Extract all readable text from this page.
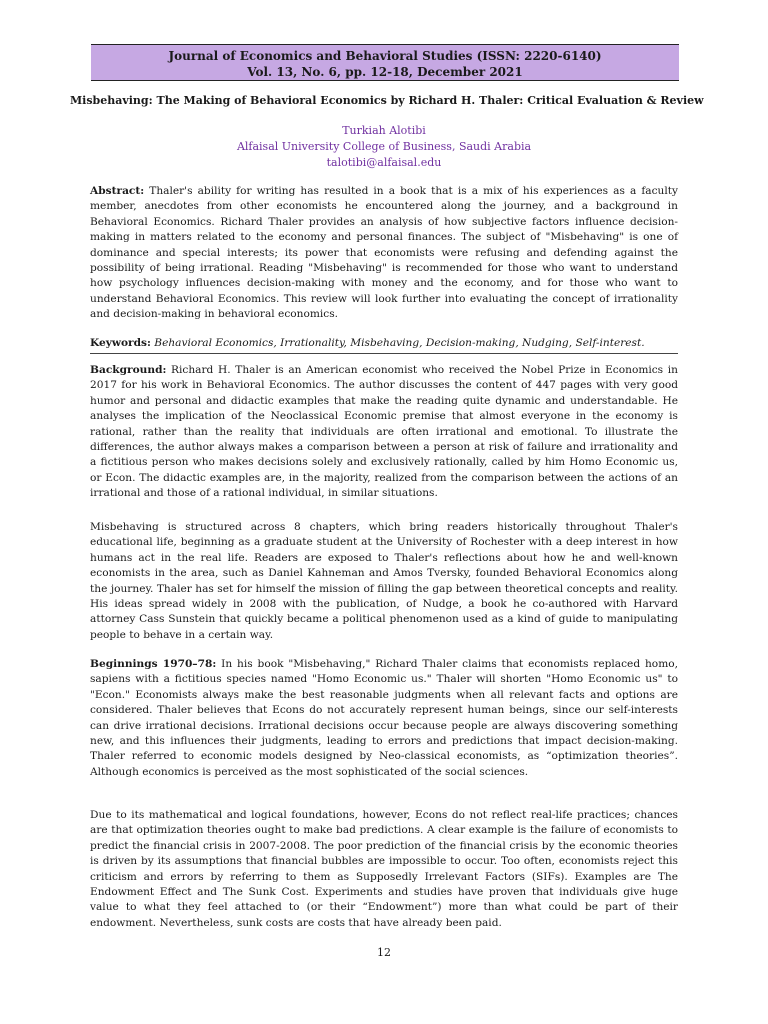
Journal of Economics and Behavioral Studies (ISSN: 2220-6140)
Vol. 13, No. 6, pp. 12-18, December 2021
Misbehaving: The Making of Behavioral Economics by Richard H. Thaler: Critical Evaluation & Review
Turkiah Alotibi
Alfaisal University College of Business, Saudi Arabia
talotibi@alfaisal.edu
Abstract: Thaler's ability for writing has resulted in a book that is a mix of his experiences as a faculty member, anecdotes from other economists he encountered along the journey, and a background in Behavioral Economics. Richard Thaler provides an analysis of how subjective factors influence decision-making in matters related to the economy and personal finances. The subject of "Misbehaving" is one of dominance and special interests; its power that economists were refusing and defending against the possibility of being irrational. Reading "Misbehaving" is recommended for those who want to understand how psychology influences decision-making with money and the economy, and for those who want to understand Behavioral Economics. This review will look further into evaluating the concept of irrationality and decision-making in behavioral economics.
Keywords: Behavioral Economics, Irrationality, Misbehaving, Decision-making, Nudging, Self-interest.
Background: Richard H. Thaler is an American economist who received the Nobel Prize in Economics in 2017 for his work in Behavioral Economics. The author discusses the content of 447 pages with very good humor and personal and didactic examples that make the reading quite dynamic and understandable. He analyses the implication of the Neoclassical Economic premise that almost everyone in the economy is rational, rather than the reality that individuals are often irrational and emotional. To illustrate the differences, the author always makes a comparison between a person at risk of failure and irrationality and a fictitious person who makes decisions solely and exclusively rationally, called by him Homo Economic us, or Econ. The didactic examples are, in the majority, realized from the comparison between the actions of an irrational and those of a rational individual, in similar situations.
Misbehaving is structured across 8 chapters, which bring readers historically throughout Thaler's educational life, beginning as a graduate student at the University of Rochester with a deep interest in how humans act in the real life. Readers are exposed to Thaler's reflections about how he and well-known economists in the area, such as Daniel Kahneman and Amos Tversky, founded Behavioral Economics along the journey. Thaler has set for himself the mission of filling the gap between theoretical concepts and reality. His ideas spread widely in 2008 with the publication, of Nudge, a book he co-authored with Harvard attorney Cass Sunstein that quickly became a political phenomenon used as a kind of guide to manipulating people to behave in a certain way.
Beginnings 1970–78: In his book "Misbehaving," Richard Thaler claims that economists replaced homo, sapiens with a fictitious species named "Homo Economic us." Thaler will shorten "Homo Economic us" to "Econ." Economists always make the best reasonable judgments when all relevant facts and options are considered. Thaler believes that Econs do not accurately represent human beings, since our self-interests can drive irrational decisions. Irrational decisions occur because people are always discovering something new, and this influences their judgments, leading to errors and predictions that impact decision-making. Thaler referred to economic models designed by Neo-classical economists, as “optimization theories”. Although economics is perceived as the most sophisticated of the social sciences.
Due to its mathematical and logical foundations, however, Econs do not reflect real-life practices; chances are that optimization theories ought to make bad predictions. A clear example is the failure of economists to predict the financial crisis in 2007-2008. The poor prediction of the financial crisis by the economic theories is driven by its assumptions that financial bubbles are impossible to occur. Too often, economists reject this criticism and errors by referring to them as Supposedly Irrelevant Factors (SIFs). Examples are The Endowment Effect and The Sunk Cost. Experiments and studies have proven that individuals give huge value to what they feel attached to (or their “Endowment”) more than what could be part of their endowment. Nevertheless, sunk costs are costs that have already been paid.
12
